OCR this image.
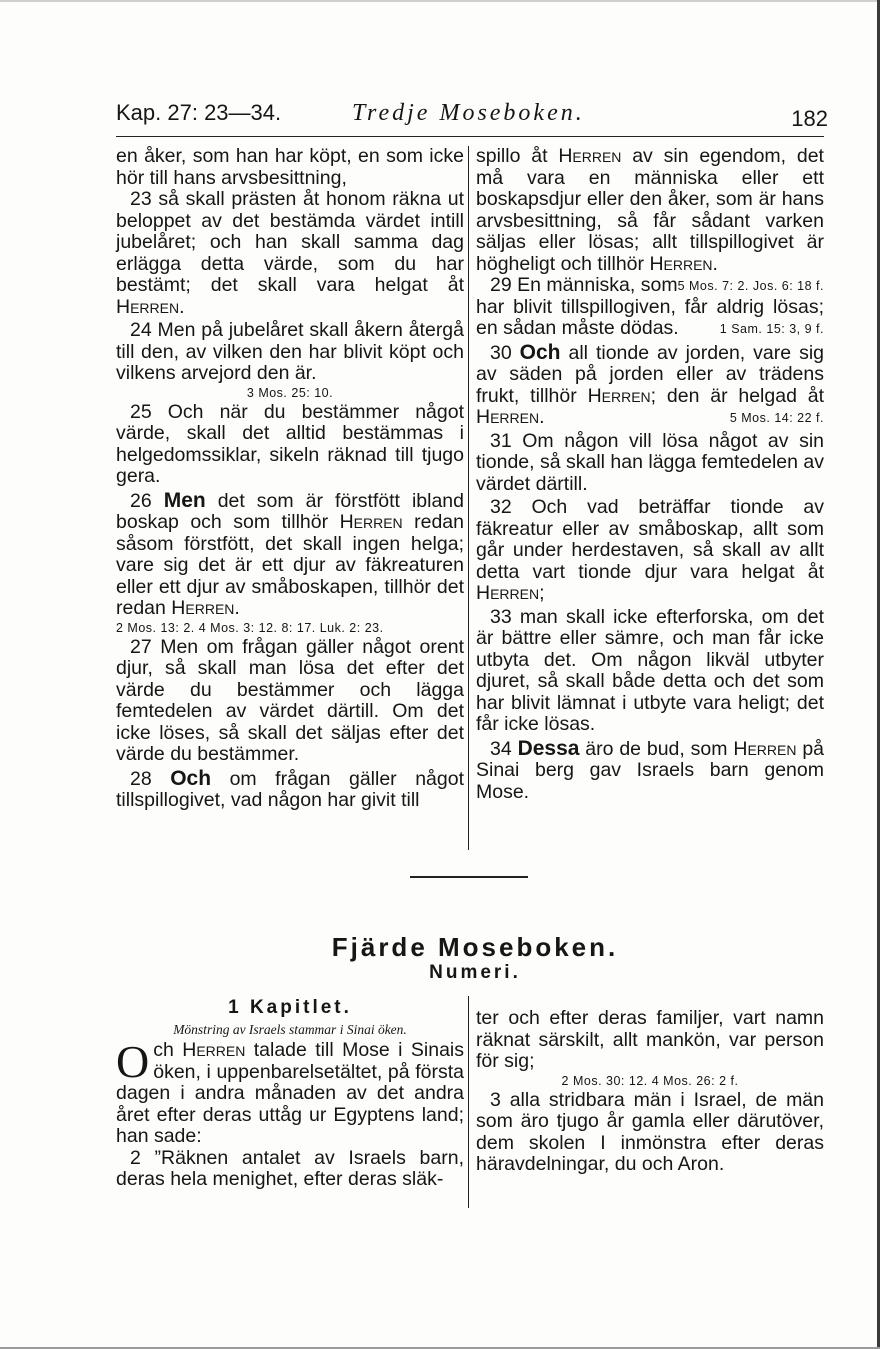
Kap. 27: 23—34.	Tredje Moseboken.	182

en åker, som han har köpt, en som icke hör till hans arvsbesittning,

23 så skall prästen åt honom räkna ut beloppet av det bestämda värdet intill jubelåret; och han skall samma dag erlägga detta värde, som du har bestämt; det skall vara helgat åt Herren.

24 Men på jubelåret skall åkern återgå till den, av vilken den har blivit köpt och vilkens arvejord den är.

3 Mos. 25: 10.

25 Och när du bestämmer något värde, skall det alltid bestämmas i helgedomssiklar, sikeln räknad till tjugo gera.

26 Men det som är förstfött ibland boskap och som tillhör Herren redan såsom förstfött, det skall ingen helga; vare sig det är ett djur av fäkreaturen eller ett djur av småboskapen, tillhör det redan Herren.

2 Mos. 13: 2. 4 Mos. 3: 12. 8: 17. Luk. 2: 23.

27 Men om frågan gäller något orent djur, så skall man lösa det efter det värde du bestämmer och lägga femtedelen av värdet därtill. Om det icke löses, så skall det säljas efter det värde du bestämmer.

28 Och om frågan gäller något tillspillogivet, vad någon har givit till

spillo åt Herren av sin egendom, det må vara en människa eller ett boskapsdjur eller den åker, som är hans arvsbesittning, så får sådant varken säljas eller lösas; allt tillspillogivet är högheligt och tillhör Herren.
5 Mos. 7: 2. Jos. 6: 18 f.

29 En människa, som har blivit tillspillogiven, får aldrig lösas; en sådan måste dödas.	1 Sam. 15: 3, 9 f.

30 Och all tionde av jorden, vare sig av säden på jorden eller av trädens frukt, tillhör Herren; den är helgad åt Herren.	5 Mos. 14: 22 f.

31 Om någon vill lösa något av sin tionde, så skall han lägga femtedelen av värdet därtill.

32 Och vad beträffar tionde av fäkreatur eller av småboskap, allt som går under herdestaven, så skall av allt detta vart tionde djur vara helgat åt Herren;

33 man skall icke efterforska, om det är bättre eller sämre, och man får icke utbyta det. Om någon likväl utbyter djuret, så skall både detta och det som har blivit lämnat i utbyte vara heligt; det får icke lösas.

34 Dessa äro de bud, som Herren på Sinai berg gav Israels barn genom Mose.

Fjärde Moseboken.
Numeri.
1 Kapitlet.
Mönstring av Israels stammar i Sinai öken.

Och Herren talade till Mose i Sinais öken, i uppenbarelsetältet, på första dagen i andra månaden av det andra året efter deras uttåg ur Egyptens land; han sade:

2 ”Räknen antalet av Israels barn, deras hela menighet, efter deras släk-

ter och efter deras familjer, vart namn räknat särskilt, allt mankön, var person för sig;

2 Mos. 30: 12. 4 Mos. 26: 2 f.

3 alla stridbara män i Israel, de män som äro tjugo år gamla eller därutöver, dem skolen I inmönstra efter deras häravdelningar, du och Aron.
